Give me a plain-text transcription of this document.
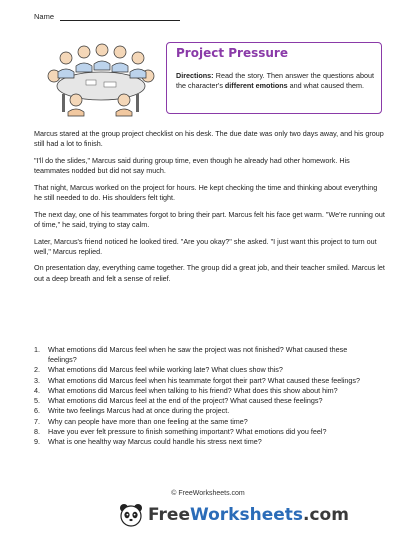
Name
Project Pressure
Directions: Read the story. Then answer the questions about the character's different emotions and what caused them.

Marcus stared at the group project checklist on his desk. The due date was only two days away, and his group still had a lot to finish.

"I'll do the slides," Marcus said during group time, even though he already had other homework. His teammates nodded but did not say much.

That night, Marcus worked on the project for hours. He kept checking the time and thinking about everything he still needed to do. His shoulders felt tight.

The next day, one of his teammates forgot to bring their part. Marcus felt his face get warm. "We're running out of time," he said, trying to stay calm.

Later, Marcus's friend noticed he looked tired. "Are you okay?" she asked. "I just want this project to turn out well," Marcus replied.

On presentation day, everything came together. The group did a great job, and their teacher smiled. Marcus let out a deep breath and felt a sense of relief.

1.	What emotions did Marcus feel when he saw the project was not finished? What caused these feelings?
2.	What emotions did Marcus feel while working late? What clues show this?
3.	What emotions did Marcus feel when his teammate forgot their part? What caused these feelings?
4.	What emotions did Marcus feel when talking to his friend? What does this show about him?
5.	What emotions did Marcus feel at the end of the project? What caused these feelings?
6.	Write two feelings Marcus had at once during the project.
7.	Why can people have more than one feeling at the same time?
8.	Have you ever felt pressure to finish something important? What emotions did you feel?
9.	What is one healthy way Marcus could handle his stress next time?
© FreeWorksheets.com
FreeWorksheets.com
